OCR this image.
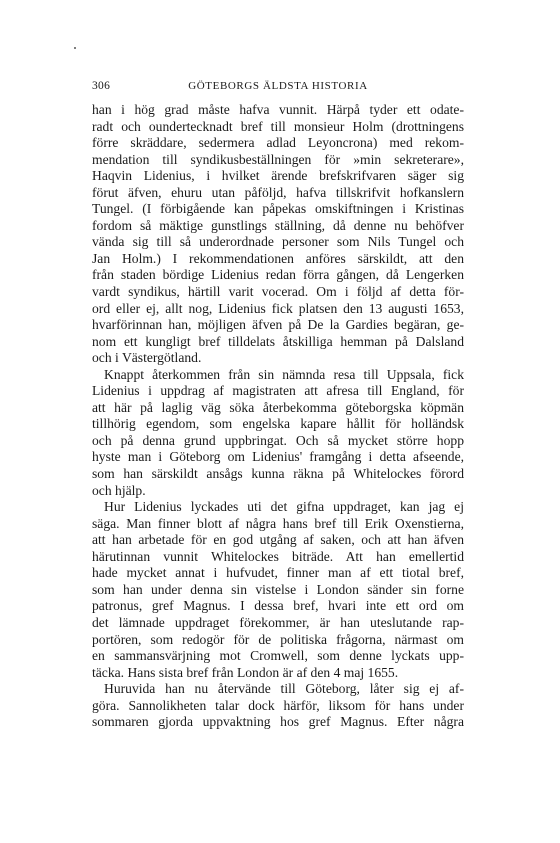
306	GÖTEBORGS ÄLDSTA HISTORIA
han i hög grad måste hafva vunnit. Härpå tyder ett odate-
radt och oundertecknadt bref till monsieur Holm (drottningens
förre skräddare, sedermera adlad Leyoncrona) med rekom-
mendation till syndikusbeställningen för »min sekreterare»,
Haqvin Lidenius, i hvilket ärende brefskrifvaren säger sig
förut äfven, ehuru utan påföljd, hafva tillskrifvit hofkanslern
Tungel. (I förbigående kan påpekas omskiftningen i Kristinas
fordom så mäktige gunstlings ställning, då denne nu behöfver
vända sig till så underordnade personer som Nils Tungel och
Jan Holm.) I rekommendationen anföres särskildt, att den
från staden bördige Lidenius redan förra gången, då Lengerken
vardt syndikus, härtill varit vocerad. Om i följd af detta för-
ord eller ej, allt nog, Lidenius fick platsen den 13 augusti 1653,
hvarförinnan han, möjligen äfven på De la Gardies begäran, ge-
nom ett kungligt bref tilldelats åtskilliga hemman på Dalsland
och i Västergötland.
Knappt återkommen från sin nämnda resa till Uppsala, fick
Lidenius i uppdrag af magistraten att afresa till England, för
att här på laglig väg söka återbekomma göteborgska köpmän
tillhörig egendom, som engelska kapare hållit för holländsk
och på denna grund uppbringat. Och så mycket större hopp
hyste man i Göteborg om Lidenius' framgång i detta afseende,
som han särskildt ansågs kunna räkna på Whitelockes förord
och hjälp.
Hur Lidenius lyckades uti det gifna uppdraget, kan jag ej
säga. Man finner blott af några hans bref till Erik Oxenstierna,
att han arbetade för en god utgång af saken, och att han äfven
härutinnan vunnit Whitelockes biträde. Att han emellertid
hade mycket annat i hufvudet, finner man af ett tiotal bref,
som han under denna sin vistelse i London sänder sin forne
patronus, gref Magnus. I dessa bref, hvari inte ett ord om
det lämnade uppdraget förekommer, är han uteslutande rap-
portören, som redogör för de politiska frågorna, närmast om
en sammansvärjning mot Cromwell, som denne lyckats upp-
täcka. Hans sista bref från London är af den 4 maj 1655.
Huruvida han nu återvände till Göteborg, låter sig ej af-
göra. Sannolikheten talar dock härför, liksom för hans under
sommaren gjorda uppvaktning hos gref Magnus. Efter några
